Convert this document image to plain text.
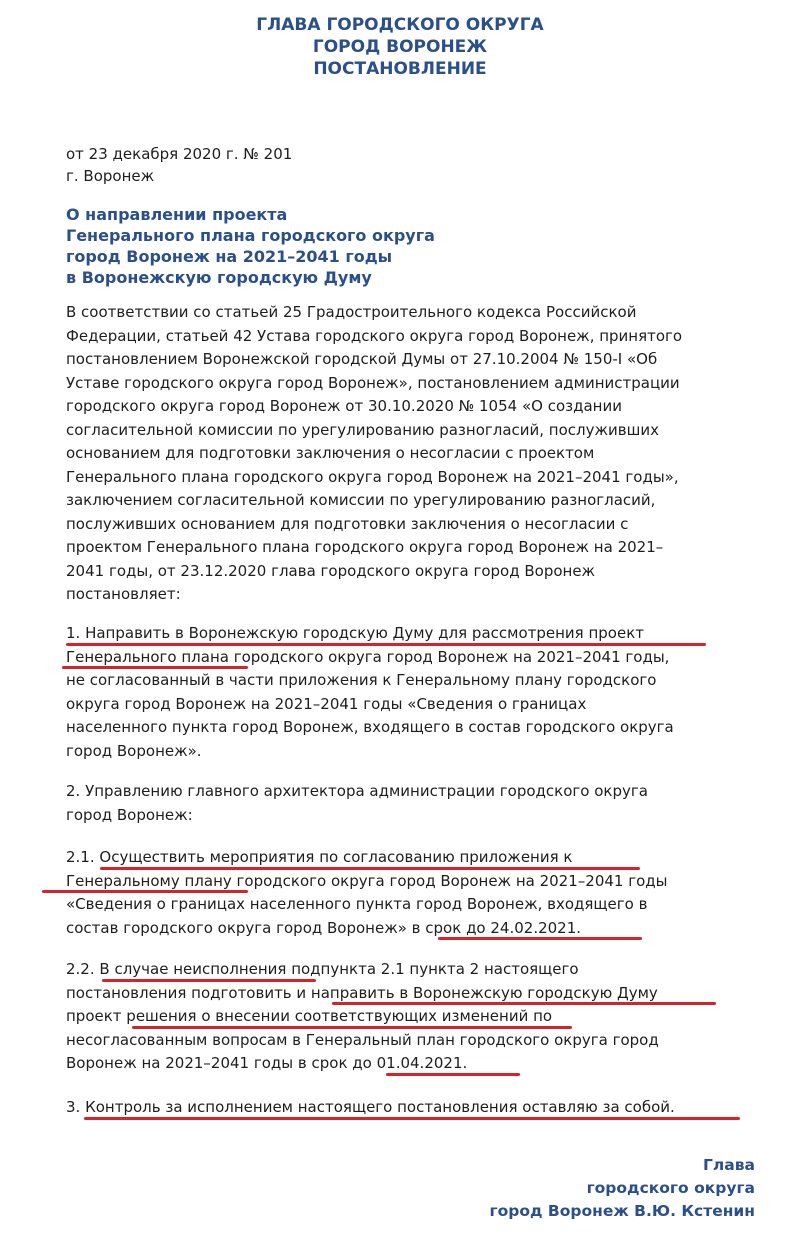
ГЛАВА ГОРОДСКОГО ОКРУГА
ГОРОД ВОРОНЕЖ
ПОСТАНОВЛЕНИЕ
от 23 декабря 2020 г. № 201
г. Воронеж
О направлении проекта
Генерального плана городского округа
город Воронеж на 2021–2041 годы
в Воронежскую городскую Думу
В соответствии со статьей 25 Градостроительного кодекса Российской
Федерации, статьей 42 Устава городского округа город Воронеж, принятого
постановлением Воронежской городской Думы от 27.10.2004 № 150-I «Об
Уставе городского округа город Воронеж», постановлением администрации
городского округа город Воронеж от 30.10.2020 № 1054 «О создании
согласительной комиссии по урегулированию разногласий, послуживших
основанием для подготовки заключения о несогласии с проектом
Генерального плана городского округа город Воронеж на 2021–2041 годы»,
заключением согласительной комиссии по урегулированию разногласий,
послуживших основанием для подготовки заключения о несогласии с
проектом Генерального плана городского округа город Воронеж на 2021–
2041 годы, от 23.12.2020 глава городского округа город Воронеж
постановляет:
1. Направить в Воронежскую городскую Думу для рассмотрения проект
Генерального плана городского округа город Воронеж на 2021–2041 годы,
не согласованный в части приложения к Генеральному плану городского
округа город Воронеж на 2021–2041 годы «Сведения о границах
населенного пункта город Воронеж, входящего в состав городского округа
город Воронеж».
2. Управлению главного архитектора администрации городского округа
город Воронеж:
2.1. Осуществить мероприятия по согласованию приложения к
Генеральному плану городского округа город Воронеж на 2021–2041 годы
«Сведения о границах населенного пункта город Воронеж, входящего в
состав городского округа город Воронеж» в срок до 24.02.2021.
2.2. В случае неисполнения подпункта 2.1 пункта 2 настоящего
постановления подготовить и направить в Воронежскую городскую Думу
проект решения о внесении соответствующих изменений по
несогласованным вопросам в Генеральный план городского округа город
Воронеж на 2021–2041 годы в срок до 01.04.2021.
3. Контроль за исполнением настоящего постановления оставляю за собой.
Глава
городского округа
город Воронеж В.Ю. Кстенин
